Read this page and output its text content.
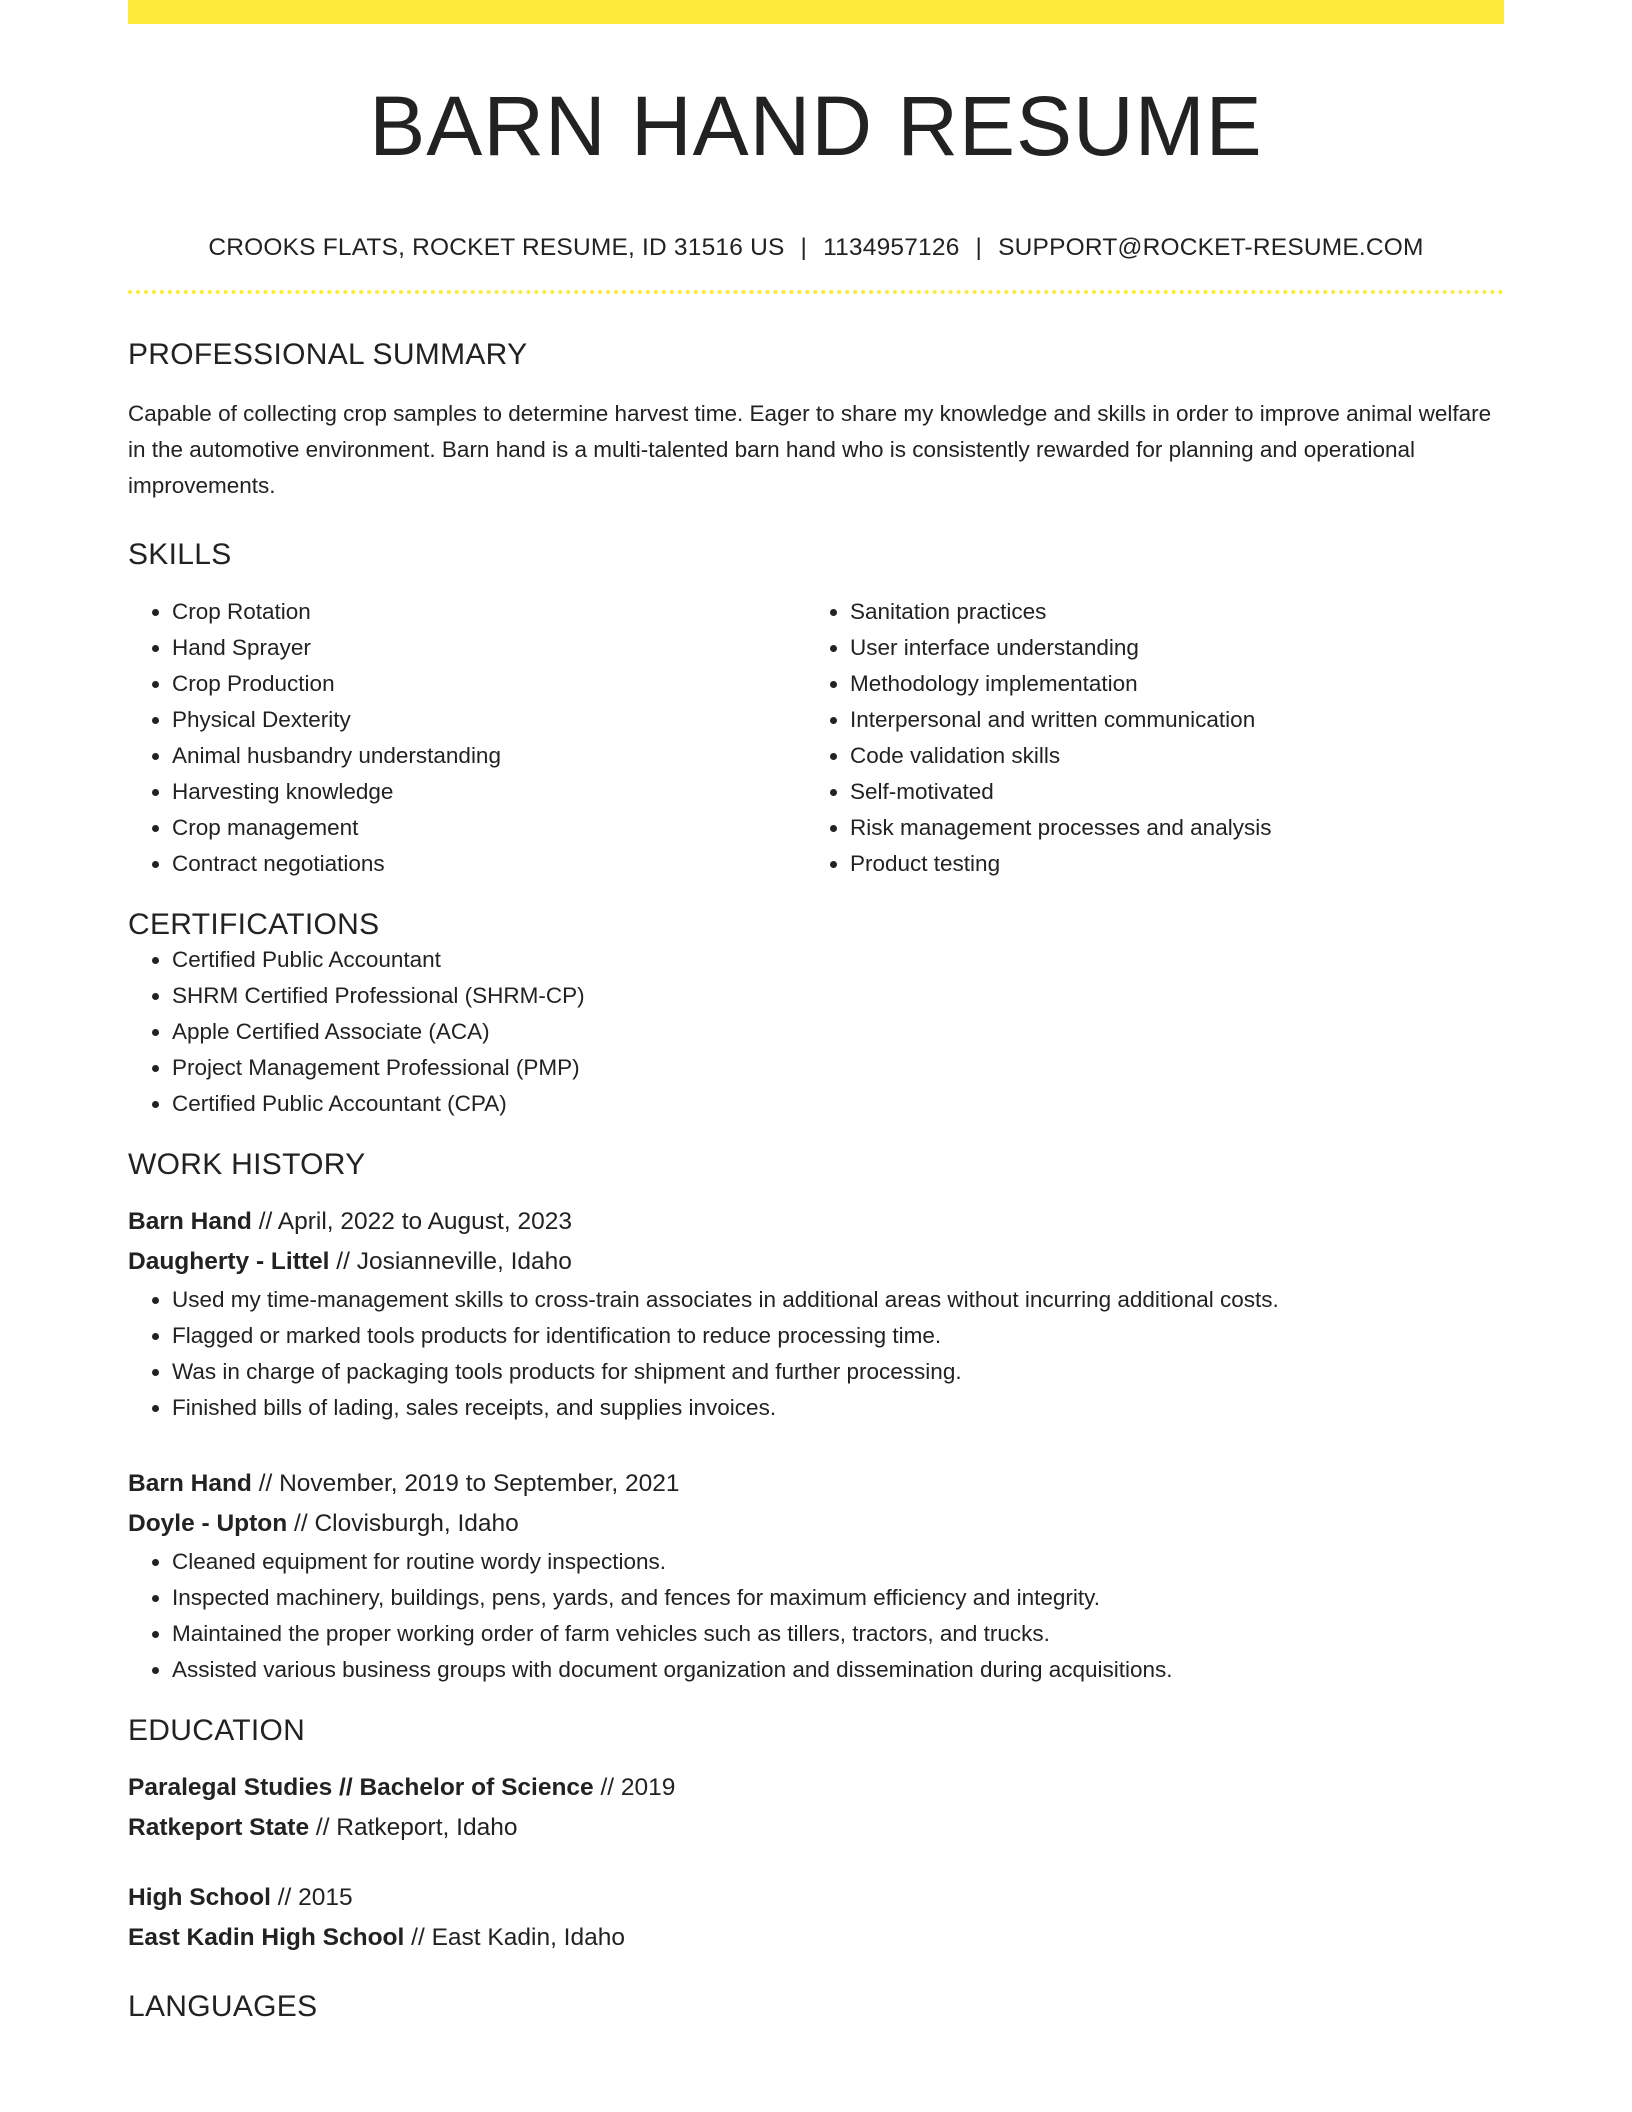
BARN HAND RESUME
CROOKS FLATS, ROCKET RESUME, ID 31516 US | 1134957126 | SUPPORT@ROCKET-RESUME.COM
PROFESSIONAL SUMMARY

Capable of collecting crop samples to determine harvest time. Eager to share my knowledge and skills in order to improve animal welfare in the automotive environment. Barn hand is a multi-talented barn hand who is consistently rewarded for planning and operational improvements.

SKILLS
• Crop Rotation
• Hand Sprayer
• Crop Production
• Physical Dexterity
• Animal husbandry understanding
• Harvesting knowledge
• Crop management
• Contract negotiations
• Sanitation practices
• User interface understanding
• Methodology implementation
• Interpersonal and written communication
• Code validation skills
• Self-motivated
• Risk management processes and analysis
• Product testing
CERTIFICATIONS
• Certified Public Accountant
• SHRM Certified Professional (SHRM-CP)
• Apple Certified Associate (ACA)
• Project Management Professional (PMP)
• Certified Public Accountant (CPA)
WORK HISTORY
Barn Hand // April, 2022 to August, 2023
Daugherty - Littel // Josianneville, Idaho
• Used my time-management skills to cross-train associates in additional areas without incurring additional costs.
• Flagged or marked tools products for identification to reduce processing time.
• Was in charge of packaging tools products for shipment and further processing.
• Finished bills of lading, sales receipts, and supplies invoices.
Barn Hand // November, 2019 to September, 2021
Doyle - Upton // Clovisburgh, Idaho
• Cleaned equipment for routine wordy inspections.
• Inspected machinery, buildings, pens, yards, and fences for maximum efficiency and integrity.
• Maintained the proper working order of farm vehicles such as tillers, tractors, and trucks.
• Assisted various business groups with document organization and dissemination during acquisitions.
EDUCATION
Paralegal Studies // Bachelor of Science // 2019
Ratkeport State // Ratkeport, Idaho
High School // 2015
East Kadin High School // East Kadin, Idaho
LANGUAGES
